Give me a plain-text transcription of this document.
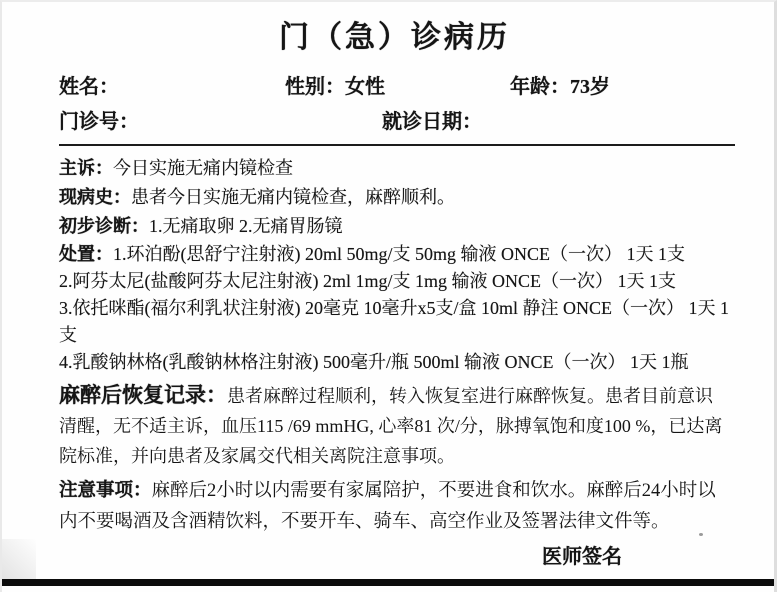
门（急）诊病历
姓名：	性别：女性	年龄：73岁
门诊号：	就诊日期：
主诉：今日实施无痛内镜检查
现病史：患者今日实施无痛内镜检查，麻醉顺利。
初步诊断：1.无痛取卵 2.无痛胃肠镜
处置：1.环泊酚(思舒宁注射液) 20ml 50mg/支 50mg 输液 ONCE（一次） 1天 1支
2.阿芬太尼(盐酸阿芬太尼注射液) 2ml 1mg/支 1mg 输液 ONCE（一次） 1天 1支
3.依托咪酯(福尔利乳状注射液) 20毫克 10毫升x5支/盒 10ml 静注 ONCE（一次） 1天 1支
4.乳酸钠林格(乳酸钠林格注射液) 500毫升/瓶 500ml 输液 ONCE（一次） 1天 1瓶
麻醉后恢复记录：患者麻醉过程顺利，转入恢复室进行麻醉恢复。患者目前意识清醒，无不适主诉，血压115 /69 mmHG, 心率81 次/分，脉搏氧饱和度100 %，已达离院标准，并向患者及家属交代相关离院注意事项。
注意事项：麻醉后2小时以内需要有家属陪护，不要进食和饮水。麻醉后24小时以内不要喝酒及含酒精饮料，不要开车、骑车、高空作业及签署法律文件等。
医师签名
